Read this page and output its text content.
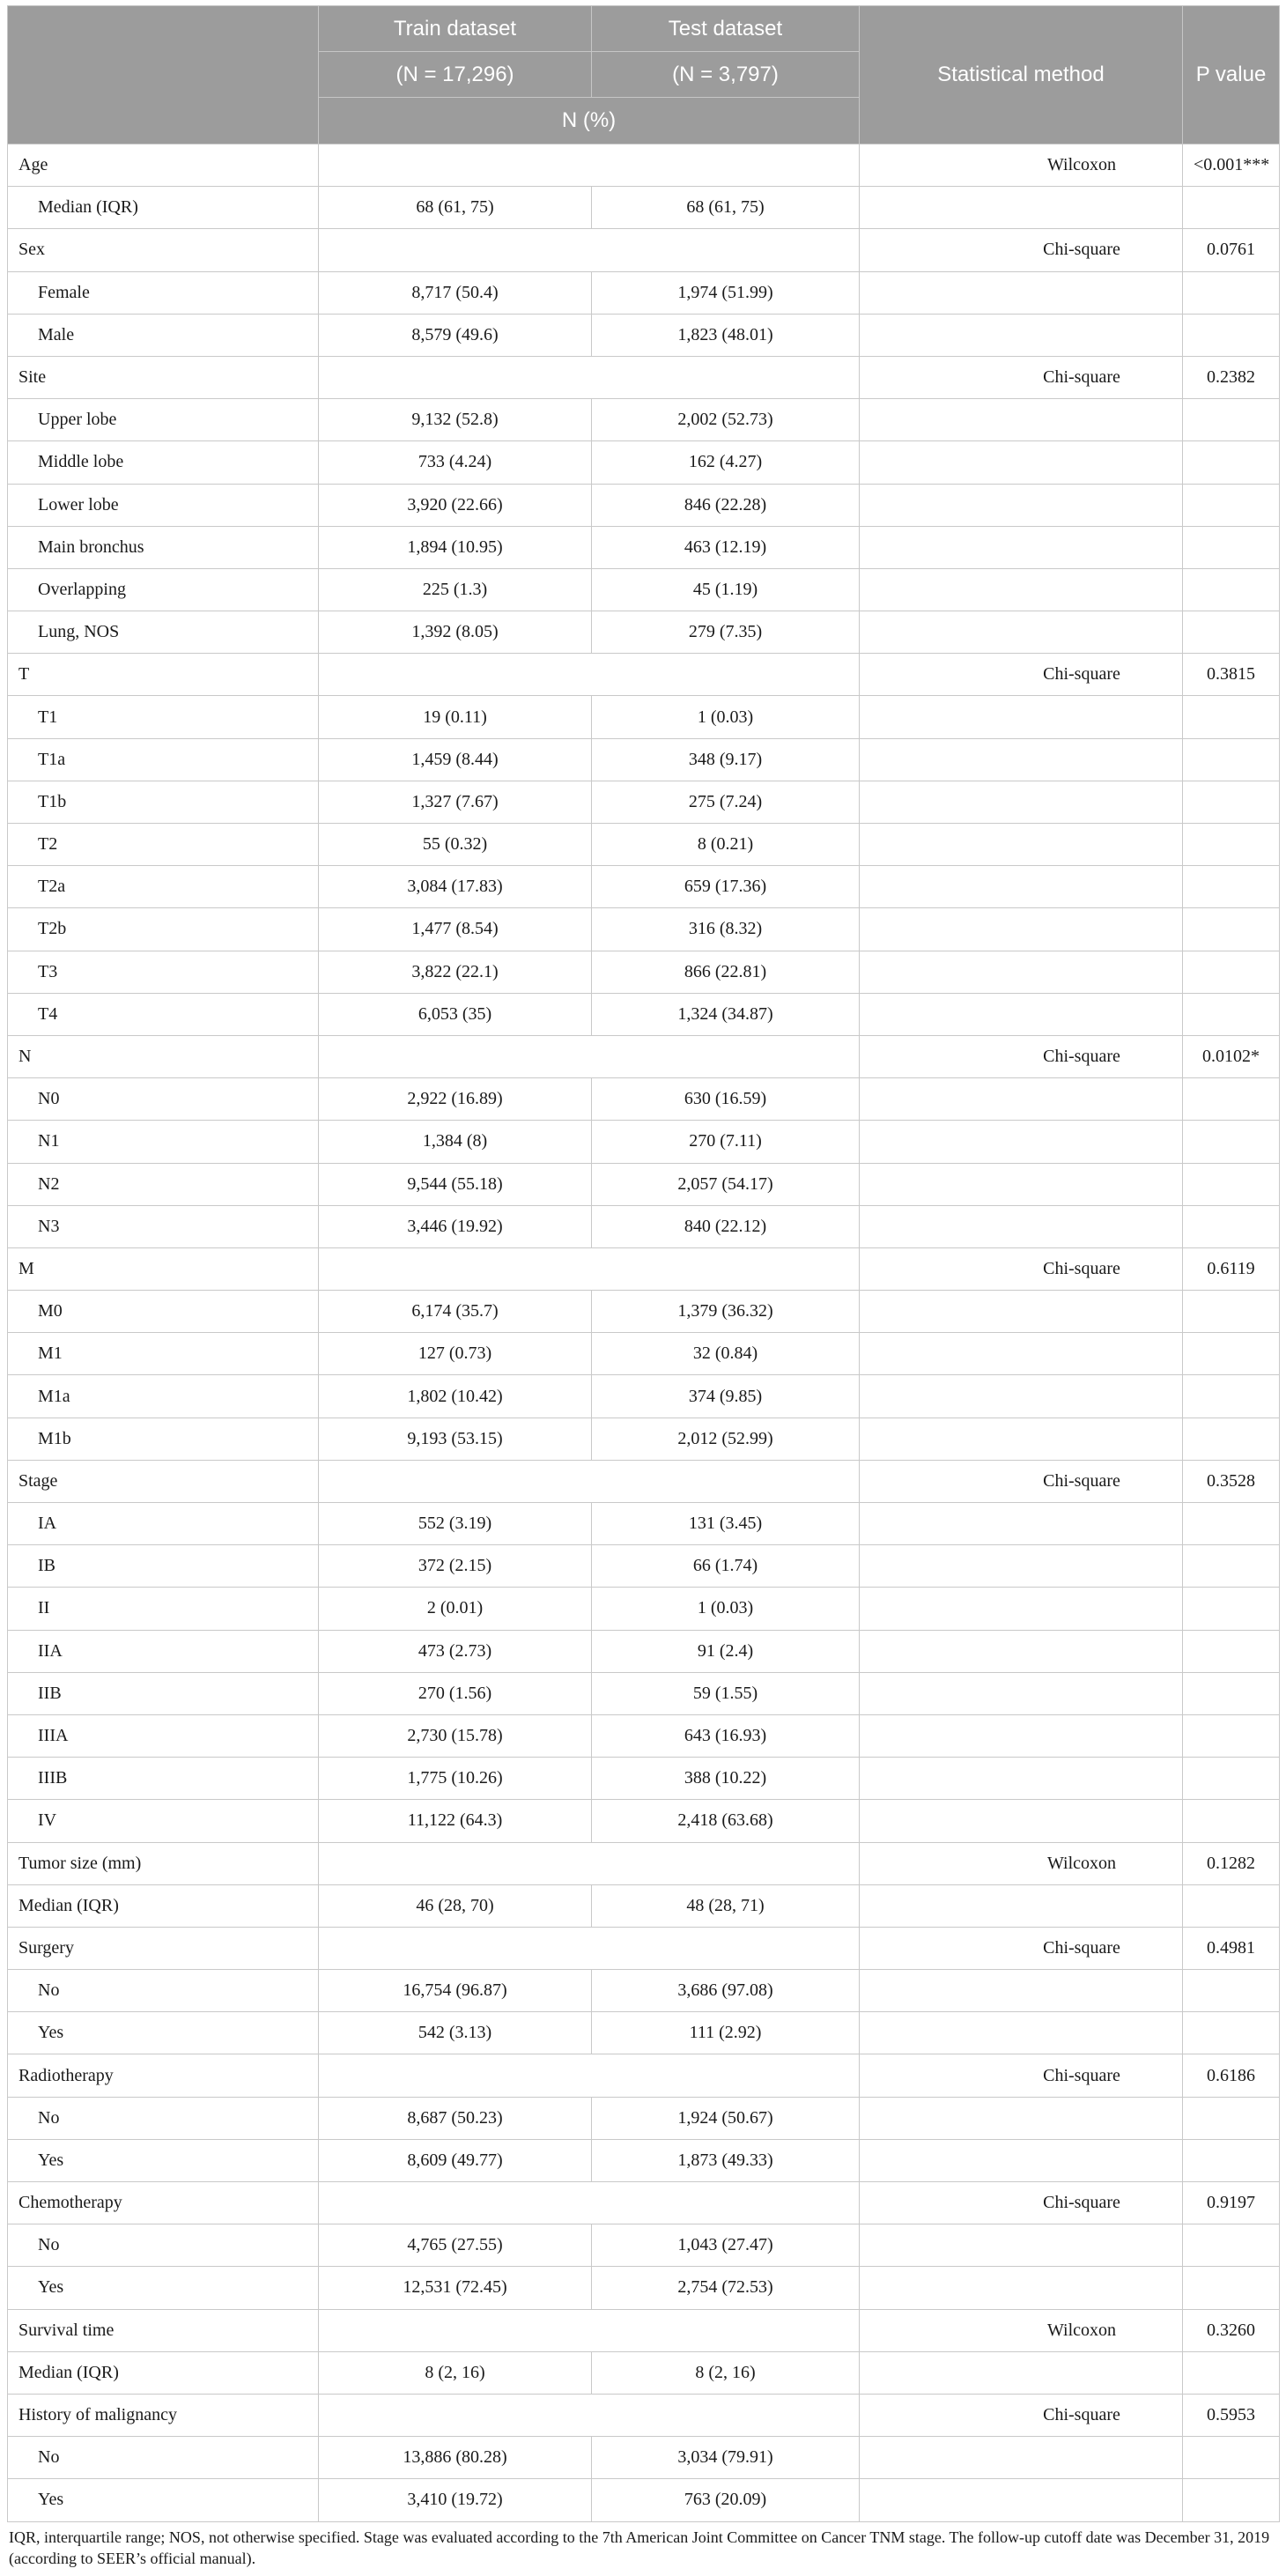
	Train dataset	Test dataset	Statistical method	P value
	(N = 17,296)	(N = 3,797)		
	N (%)			
Age			Wilcoxon	<0.001***
Median (IQR)	68 (61, 75)	68 (61, 75)		
Sex			Chi-square	0.0761
Female	8,717 (50.4)	1,974 (51.99)		
Male	8,579 (49.6)	1,823 (48.01)		
Site			Chi-square	0.2382
Upper lobe	9,132 (52.8)	2,002 (52.73)		
Middle lobe	733 (4.24)	162 (4.27)		
Lower lobe	3,920 (22.66)	846 (22.28)		
Main bronchus	1,894 (10.95)	463 (12.19)		
Overlapping	225 (1.3)	45 (1.19)		
Lung, NOS	1,392 (8.05)	279 (7.35)		
T			Chi-square	0.3815
T1	19 (0.11)	1 (0.03)		
T1a	1,459 (8.44)	348 (9.17)		
T1b	1,327 (7.67)	275 (7.24)		
T2	55 (0.32)	8 (0.21)		
T2a	3,084 (17.83)	659 (17.36)		
T2b	1,477 (8.54)	316 (8.32)		
T3	3,822 (22.1)	866 (22.81)		
T4	6,053 (35)	1,324 (34.87)		
N			Chi-square	0.0102*
N0	2,922 (16.89)	630 (16.59)		
N1	1,384 (8)	270 (7.11)		
N2	9,544 (55.18)	2,057 (54.17)		
N3	3,446 (19.92)	840 (22.12)		
M			Chi-square	0.6119
M0	6,174 (35.7)	1,379 (36.32)		
M1	127 (0.73)	32 (0.84)		
M1a	1,802 (10.42)	374 (9.85)		
M1b	9,193 (53.15)	2,012 (52.99)		
Stage			Chi-square	0.3528
IA	552 (3.19)	131 (3.45)		
IB	372 (2.15)	66 (1.74)		
II	2 (0.01)	1 (0.03)		
IIA	473 (2.73)	91 (2.4)		
IIB	270 (1.56)	59 (1.55)		
IIIA	2,730 (15.78)	643 (16.93)		
IIIB	1,775 (10.26)	388 (10.22)		
IV	11,122 (64.3)	2,418 (63.68)		
Tumor size (mm)			Wilcoxon	0.1282
Median (IQR)	46 (28, 70)	48 (28, 71)		
Surgery			Chi-square	0.4981
No	16,754 (96.87)	3,686 (97.08)		
Yes	542 (3.13)	111 (2.92)		
Radiotherapy			Chi-square	0.6186
No	8,687 (50.23)	1,924 (50.67)		
Yes	8,609 (49.77)	1,873 (49.33)		
Chemotherapy			Chi-square	0.9197
No	4,765 (27.55)	1,043 (27.47)		
Yes	12,531 (72.45)	2,754 (72.53)		
Survival time			Wilcoxon	0.3260
Median (IQR)	8 (2, 16)	8 (2, 16)		
History of malignancy			Chi-square	0.5953
No	13,886 (80.28)	3,034 (79.91)		
Yes	3,410 (19.72)	763 (20.09)		
IQR, interquartile range; NOS, not otherwise specified. Stage was evaluated according to the 7th American Joint Committee on Cancer TNM stage. The follow-up cutoff date was December 31, 2019 (according to SEER’s official manual).
